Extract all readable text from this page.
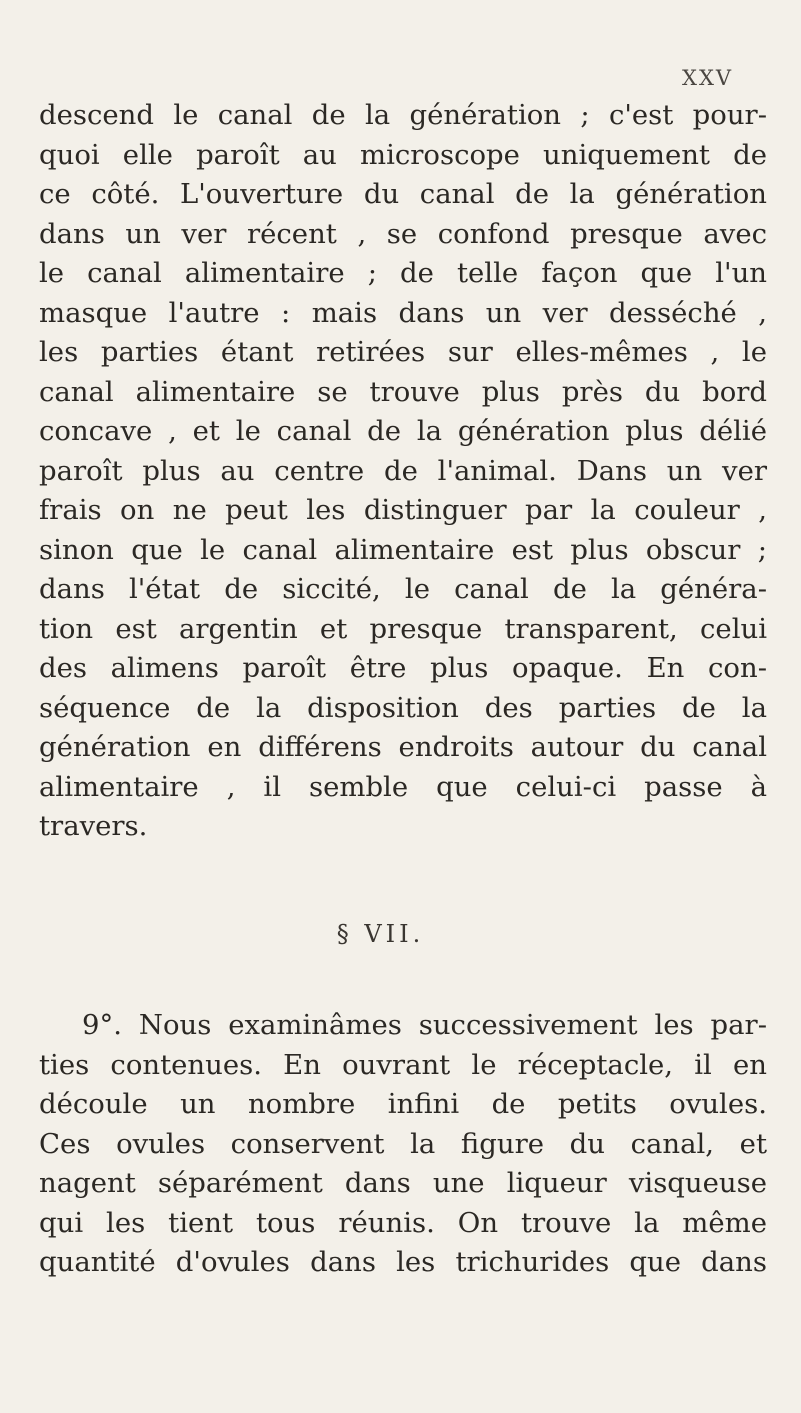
XXV
descend le canal de la génération ; c'est pour-
quoi elle paroît au microscope uniquement de
ce côté. L'ouverture du canal de la génération
dans un ver récent , se confond presque avec
le canal alimentaire ; de telle façon que l'un
masque l'autre : mais dans un ver desséché ,
les parties étant retirées sur elles-mêmes , le
canal alimentaire se trouve plus près du bord
concave , et le canal de la génération plus délié
paroît plus au centre de l'animal. Dans un ver
frais on ne peut les distinguer par la couleur ,
sinon que le canal alimentaire est plus obscur ;
dans l'état de siccité, le canal de la généra-
tion est argentin et presque transparent, celui
des alimens paroît être plus opaque. En con-
séquence de la disposition des parties de la
génération en différens endroits autour du canal
alimentaire , il semble que celui-ci passe à
travers.
§ VII.
9°. Nous examinâmes successivement les par-
ties contenues. En ouvrant le réceptacle, il en
découle un nombre infini de petits ovules.
Ces ovules conservent la figure du canal, et
nagent séparément dans une liqueur visqueuse
qui les tient tous réunis. On trouve la même
quantité d'ovules dans les trichurides que dans
